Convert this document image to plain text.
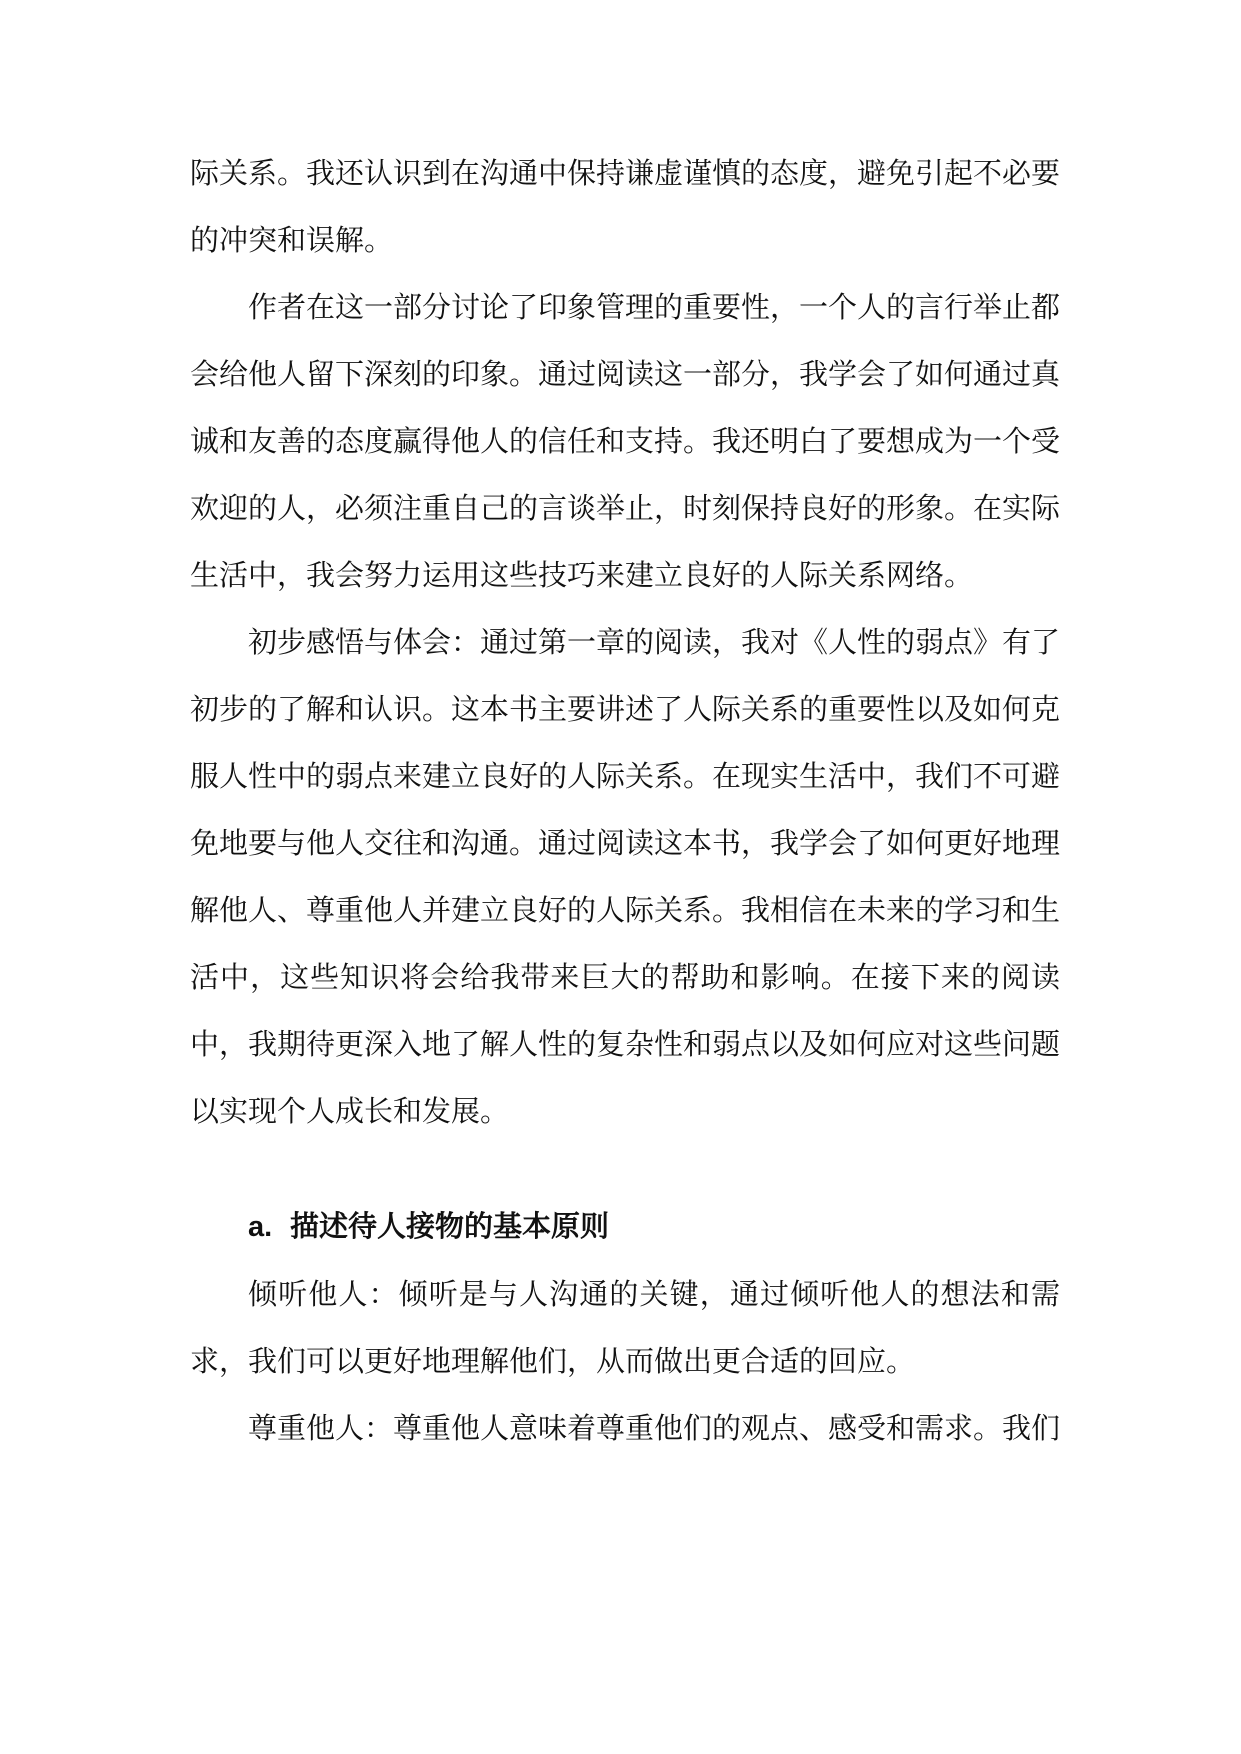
际关系。我还认识到在沟通中保持谦虚谨慎的态度，避免引起不必要的冲突和误解。

作者在这一部分讨论了印象管理的重要性，一个人的言行举止都会给他人留下深刻的印象。通过阅读这一部分，我学会了如何通过真诚和友善的态度赢得他人的信任和支持。我还明白了要想成为一个受欢迎的人，必须注重自己的言谈举止，时刻保持良好的形象。在实际生活中，我会努力运用这些技巧来建立良好的人际关系网络。

初步感悟与体会：通过第一章的阅读，我对《人性的弱点》有了初步的了解和认识。这本书主要讲述了人际关系的重要性以及如何克服人性中的弱点来建立良好的人际关系。在现实生活中，我们不可避免地要与他人交往和沟通。通过阅读这本书，我学会了如何更好地理解他人、尊重他人并建立良好的人际关系。我相信在未来的学习和生活中，这些知识将会给我带来巨大的帮助和影响。在接下来的阅读中，我期待更深入地了解人性的复杂性和弱点以及如何应对这些问题以实现个人成长和发展。

a. 描述待人接物的基本原则

倾听他人：倾听是与人沟通的关键，通过倾听他人的想法和需求，我们可以更好地理解他们，从而做出更合适的回应。

尊重他人：尊重他人意味着尊重他们的观点、感受和需求。我们
